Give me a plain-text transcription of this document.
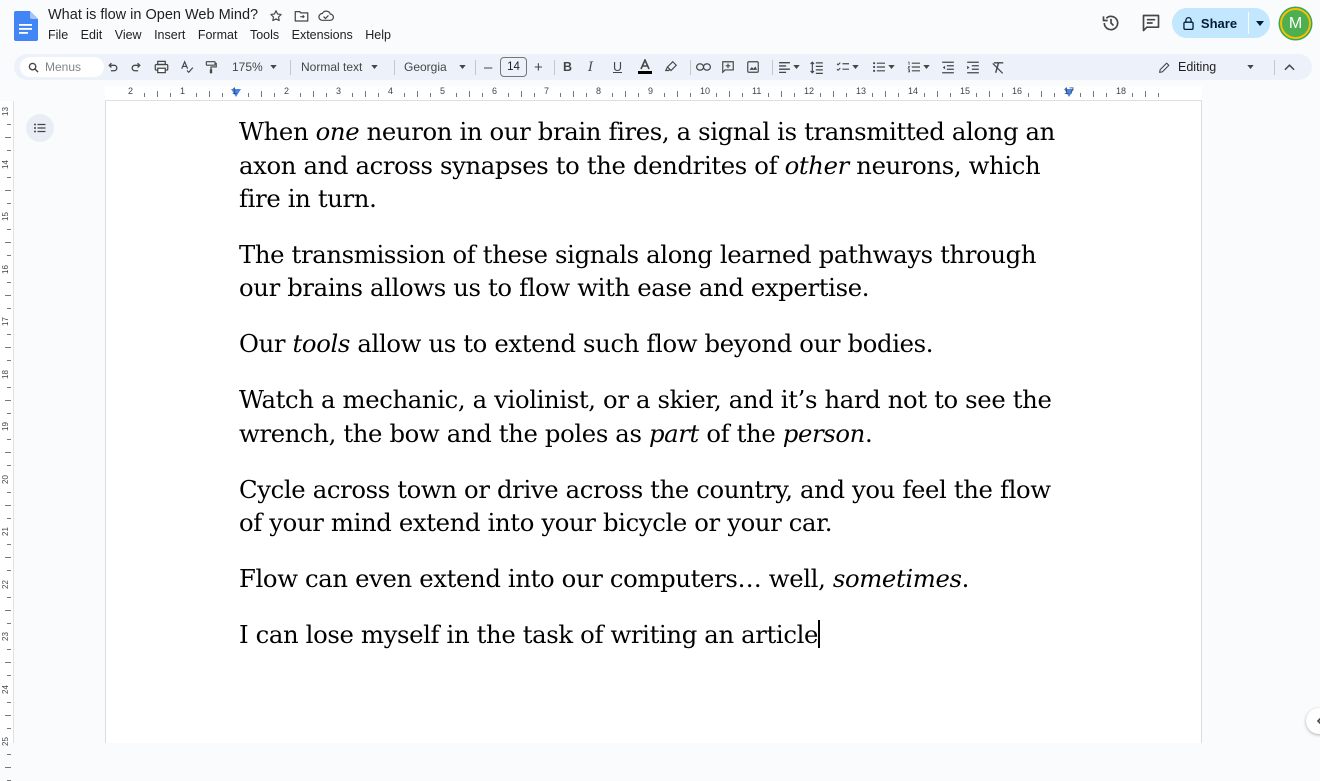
What is flow in Open Web Mind?
File Edit View Insert Format Tools Extensions Help
Share	M
Menus	175%	Normal text	Georgia –	14 + B I U	Editing
2	1	1	2	3	4	5	6	7	8	9	10	11	12	13	14	15	16	17	18
13
14
15
16
17
18
19
20
21
22
23
24
25

When one neuron in our brain fires, a signal is transmitted along an axon and across synapses to the dendrites of other neurons, which fire in turn.

The transmission of these signals along learned pathways through our brains allows us to flow with ease and expertise.

Our tools allow us to extend such flow beyond our bodies.

Watch a mechanic, a violinist, or a skier, and it’s hard not to see the wrench, the bow and the poles as part of the person.

Cycle across town or drive across the country, and you feel the flow of your mind extend into your bicycle or your car.

Flow can even extend into our computers… well, sometimes.

I can lose myself in the task of writing an article
